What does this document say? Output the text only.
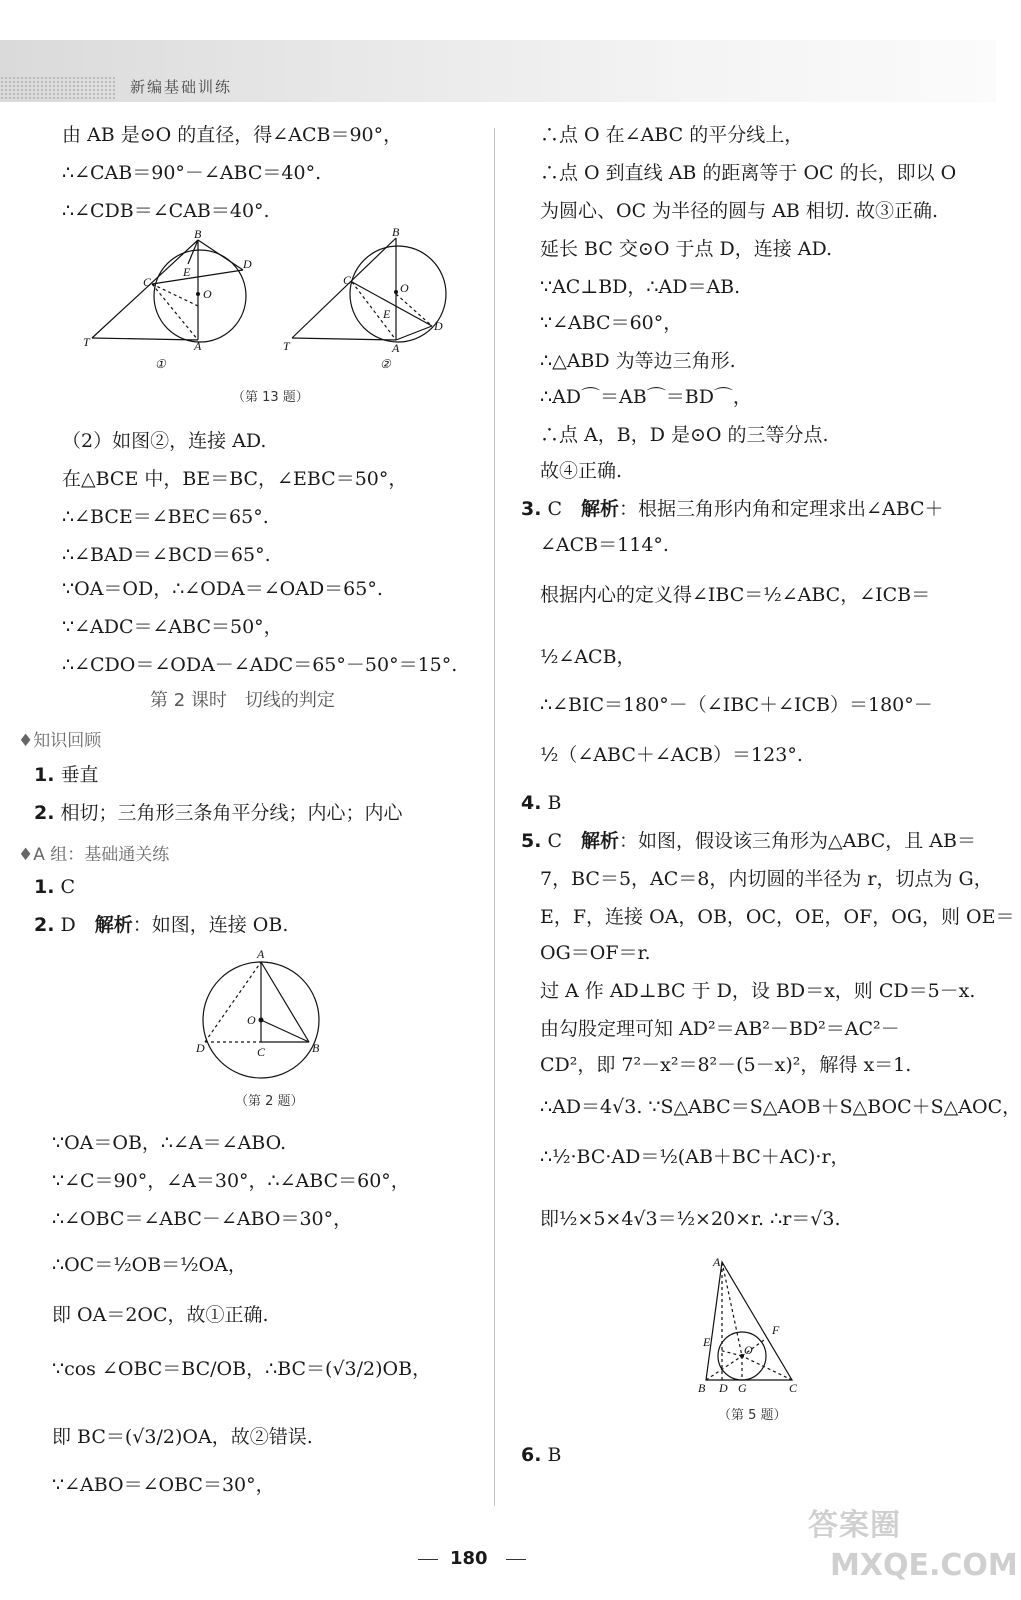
新编基础训练
由 AB 是⊙O 的直径，得∠ACB＝90°，
∴∠CAB＝90°－∠ABC＝40°.
∴∠CDB＝∠CAB＝40°.
B
D
C
E
O
T	A
①
B
C
O
E
D
T	A
②
（第 13 题）
（2）如图②，连接 AD.
在△BCE 中，BE＝BC，∠EBC＝50°，
∴∠BCE＝∠BEC＝65°.
∴∠BAD＝∠BCD＝65°.
∵OA＝OD，∴∠ODA＝∠OAD＝65°.
∵∠ADC＝∠ABC＝50°，
∴∠CDO＝∠ODA－∠ADC＝65°－50°＝15°.
第 2 课时　切线的判定
♦知识回顾
1. 垂直
2. 相切；三角形三条角平分线；内心；内心
♦A 组：基础通关练
1. C
2. D　解析：如图，连接 OB.
A
O
D	C	B
（第 2 题）
∵OA＝OB，∴∠A＝∠ABO.
∵∠C＝90°，∠A＝30°，∴∠ABC＝60°，
∴∠OBC＝∠ABC－∠ABO＝30°，
∴OC＝½OB＝½OA，
即 OA＝2OC，故①正确.
∵cos ∠OBC＝BC/OB，∴BC＝(√3/2)OB，
即 BC＝(√3/2)OA，故②错误.
∵∠ABO＝∠OBC＝30°，
∴点 O 在∠ABC 的平分线上，
∴点 O 到直线 AB 的距离等于 OC 的长，即以 O
为圆心、OC 为半径的圆与 AB 相切. 故③正确.
延长 BC 交⊙O 于点 D，连接 AD.
∵AC⊥BD，∴AD＝AB.
∵∠ABC＝60°，
∴△ABD 为等边三角形.
∴AD⌒＝AB⌒＝BD⌒，
∴点 A，B，D 是⊙O 的三等分点.
故④正确.
3. C　解析：根据三角形内角和定理求出∠ABC＋
∠ACB＝114°.
根据内心的定义得∠IBC＝½∠ABC，∠ICB＝
½∠ACB，
∴∠BIC＝180°－（∠IBC＋∠ICB）＝180°－
½（∠ABC＋∠ACB）＝123°.
4. B
5. C　解析：如图，假设该三角形为△ABC，且 AB＝
7，BC＝5，AC＝8，内切圆的半径为 r，切点为 G，
E，F，连接 OA，OB，OC，OE，OF，OG，则 OE＝
OG＝OF＝r.
过 A 作 AD⊥BC 于 D，设 BD＝x，则 CD＝5－x.
由勾股定理可知 AD²＝AB²－BD²＝AC²－
CD²，即 7²－x²＝8²－(5－x)²，解得 x＝1.
∴AD＝4√3. ∵S△ABC＝S△AOB＋S△BOC＋S△AOC，
∴½·BC·AD＝½(AB＋BC＋AC)·r，
即½×5×4√3＝½×20×r. ∴r＝√3.
A
E
F
O
B D G	C
（第 5 题）
6. B
180
答案圈
MXQE.COM
